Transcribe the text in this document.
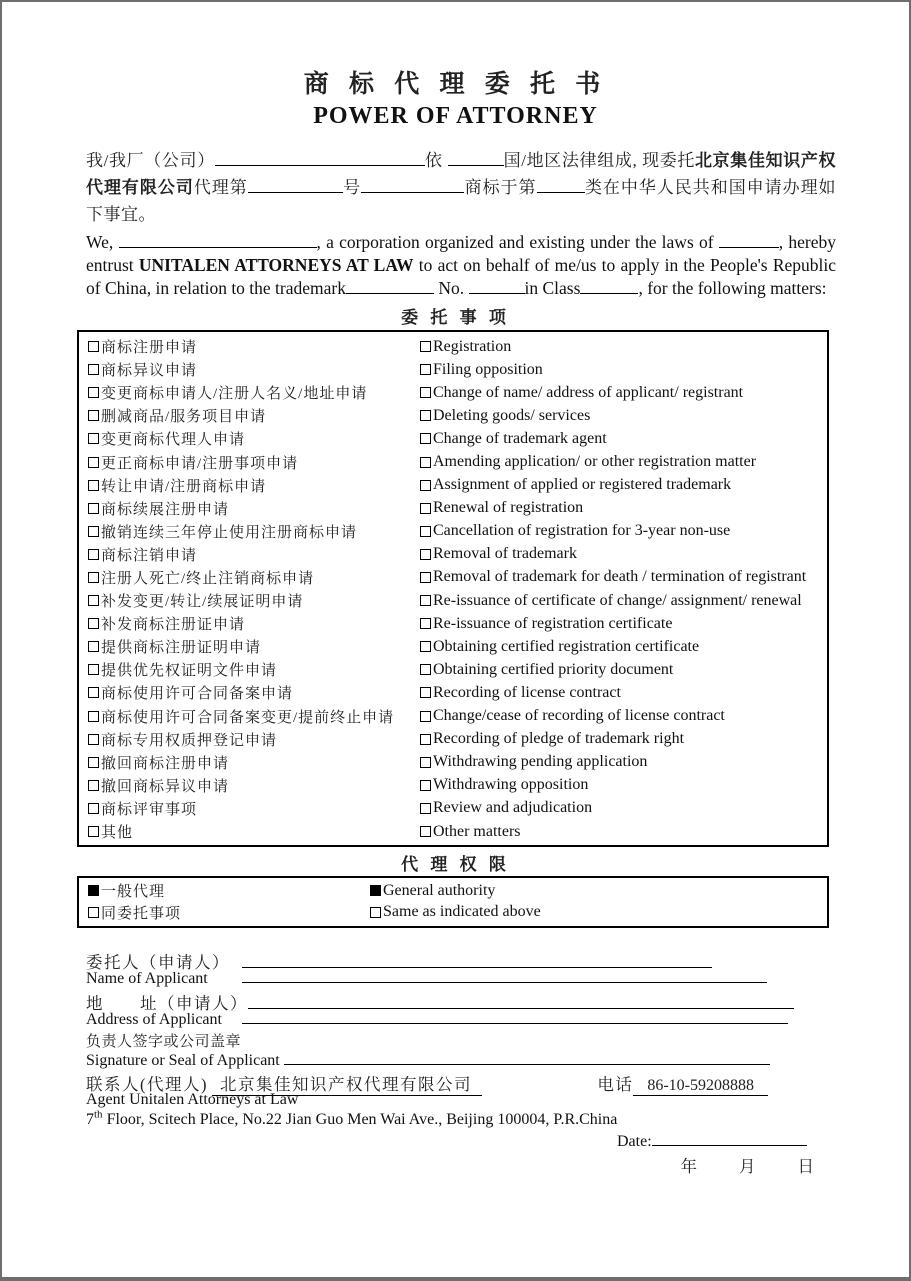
商 标 代 理 委 托 书
POWER OF ATTORNEY

我/我厂（公司）	依	国/地区法律组成, 现委托北京集佳知识产权代理有限公司代理第	号	商标于第	类在中华人民共和国申请办理如下事宜。

We,	, a corporation organized and existing under the laws of	, hereby entrust UNITALEN ATTORNEYS AT LAW to act on behalf of me/us to apply in the People's Republic of China, in relation to the trademark	No.	in Class	, for the following matters:

委 托 事 项
商标注册申请	Registration
商标异议申请	Filing opposition
变更商标申请人/注册人名义/地址申请	Change of name/ address of applicant/ registrant
删减商品/服务项目申请	Deleting goods/ services
变更商标代理人申请	Change of trademark agent
更正商标申请/注册事项申请	Amending application/ or other registration matter
转让申请/注册商标申请	Assignment of applied or registered trademark
商标续展注册申请	Renewal of registration
撤销连续三年停止使用注册商标申请	Cancellation of registration for 3-year non-use
商标注销申请	Removal of trademark
注册人死亡/终止注销商标申请	Removal of trademark for death / termination of registrant
补发变更/转让/续展证明申请	Re-issuance of certificate of change/ assignment/ renewal
补发商标注册证申请	Re-issuance of registration certificate
提供商标注册证明申请	Obtaining certified registration certificate
提供优先权证明文件申请	Obtaining certified priority document
商标使用许可合同备案申请	Recording of license contract
商标使用许可合同备案变更/提前终止申请 Change/cease of recording of license contract
商标专用权质押登记申请	Recording of pledge of trademark right
撤回商标注册申请	Withdrawing pending application
撤回商标异议申请	Withdrawing opposition
商标评审事项	Review and adjudication
其他	Other matters
代 理 权 限
一般代理	General authority
同委托事项	Same as indicated above
委托人（申请人）
Name of Applicant
地　　址（申请人）
Address of Applicant
负责人签字或公司盖章
Signature or Seal of Applicant

联系人(代理人)
北京集佳知识产权代理有限公司	电话 86-10-59208888
Agent Unitalen Attorneys at Law
7th Floor, Scitech Place, No.22 Jian Guo Men Wai Ave., Beijing 100004, P.R.China
Date:
年	月	日
